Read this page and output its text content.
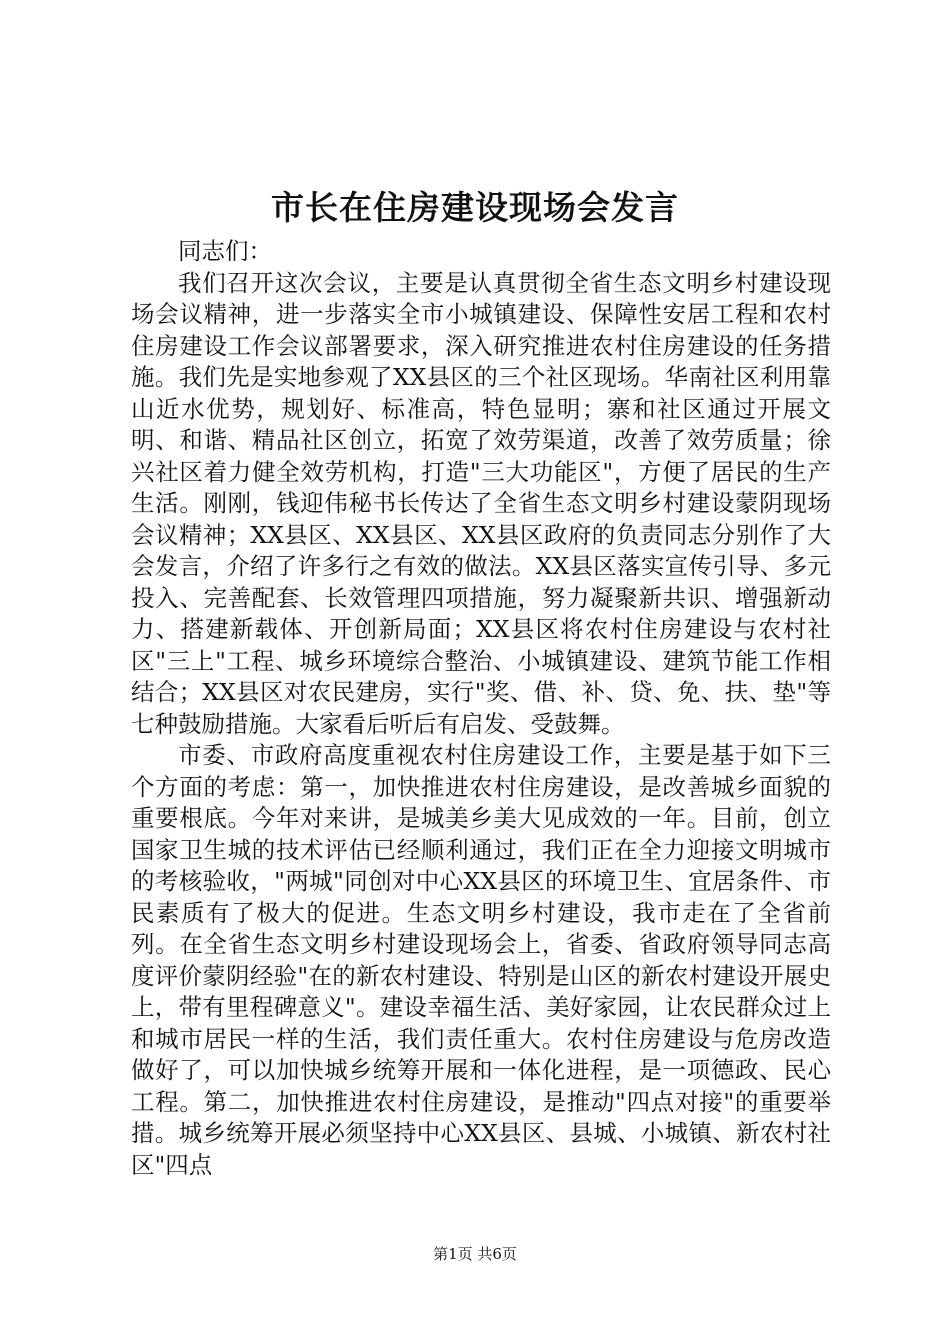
市长在住房建设现场会发言

同志们：

我们召开这次会议，主要是认真贯彻全省生态文明乡村建设现场会议精神，进一步落实全市小城镇建设、保障性安居工程和农村住房建设工作会议部署要求，深入研究推进农村住房建设的任务措施。我们先是实地参观了XX县区的三个社区现场。华南社区利用靠山近水优势，规划好、标准高，特色显明；寨和社区通过开展文明、和谐、精品社区创立，拓宽了效劳渠道，改善了效劳质量；徐兴社区着力健全效劳机构，打造"三大功能区"，方便了居民的生产生活。刚刚，钱迎伟秘书长传达了全省生态文明乡村建设蒙阴现场会议精神；XX县区、XX县区、XX县区政府的负责同志分别作了大会发言，介绍了许多行之有效的做法。XX县区落实宣传引导、多元投入、完善配套、长效管理四项措施，努力凝聚新共识、增强新动力、搭建新载体、开创新局面；XX县区将农村住房建设与农村社区"三上"工程、城乡环境综合整治、小城镇建设、建筑节能工作相结合；XX县区对农民建房，实行"奖、借、补、贷、免、扶、垫"等七种鼓励措施。大家看后听后有启发、受鼓舞。

市委、市政府高度重视农村住房建设工作，主要是基于如下三个方面的考虑：第一，加快推进农村住房建设，是改善城乡面貌的重要根底。今年对来讲，是城美乡美大见成效的一年。目前，创立国家卫生城的技术评估已经顺利通过，我们正在全力迎接文明城市的考核验收，"两城"同创对中心XX县区的环境卫生、宜居条件、市民素质有了极大的促进。生态文明乡村建设，我市走在了全省前列。在全省生态文明乡村建设现场会上，省委、省政府领导同志高度评价蒙阴经验"在的新农村建设、特别是山区的新农村建设开展史上，带有里程碑意义"。建设幸福生活、美好家园，让农民群众过上和城市居民一样的生活，我们责任重大。农村住房建设与危房改造做好了，可以加快城乡统筹开展和一体化进程，是一项德政、民心工程。第二，加快推进农村住房建设，是推动"四点对接"的重要举措。城乡统筹开展必须坚持中心XX县区、县城、小城镇、新农村社区"四点

第1页 共6页
